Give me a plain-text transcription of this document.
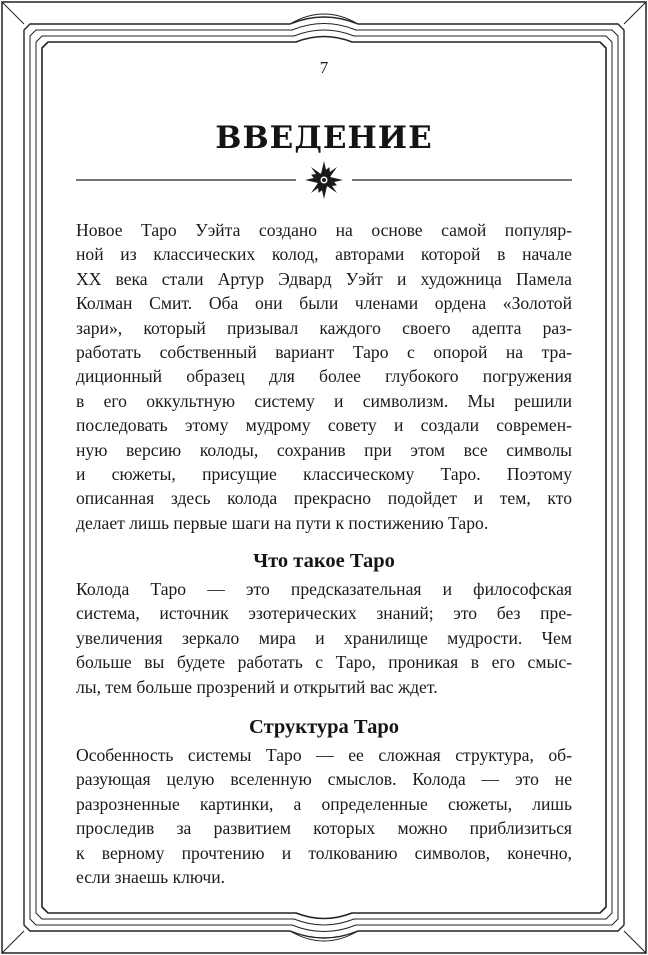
7
ВВЕДЕНИЕ
Новое Таро Уэйта создано на основе самой популяр-
ной из классических колод, авторами которой в начале
XX века стали Артур Эдвард Уэйт и художница Памела
Колман Смит. Оба они были членами ордена «Золотой
зари», который призывал каждого своего адепта раз-
работать собственный вариант Таро с опорой на тра-
диционный образец для более глубокого погружения
в его оккультную систему и символизм. Мы решили
последовать этому мудрому совету и создали современ-
ную версию колоды, сохранив при этом все символы
и сюжеты, присущие классическому Таро. Поэтому
описанная здесь колода прекрасно подойдет и тем, кто
делает лишь первые шаги на пути к постижению Таро.
Что такое Таро
Колода Таро — это предсказательная и философская
система, источник эзотерических знаний; это без пре-
увеличения зеркало мира и хранилище мудрости. Чем
больше вы будете работать с Таро, проникая в его смыс-
лы, тем больше прозрений и открытий вас ждет.
Структура Таро
Особенность системы Таро — ее сложная структура, об-
разующая целую вселенную смыслов. Колода — это не
разрозненные картинки, а определенные сюжеты, лишь
проследив за развитием которых можно приблизиться
к верному прочтению и толкованию символов, конечно,
если знаешь ключи.
